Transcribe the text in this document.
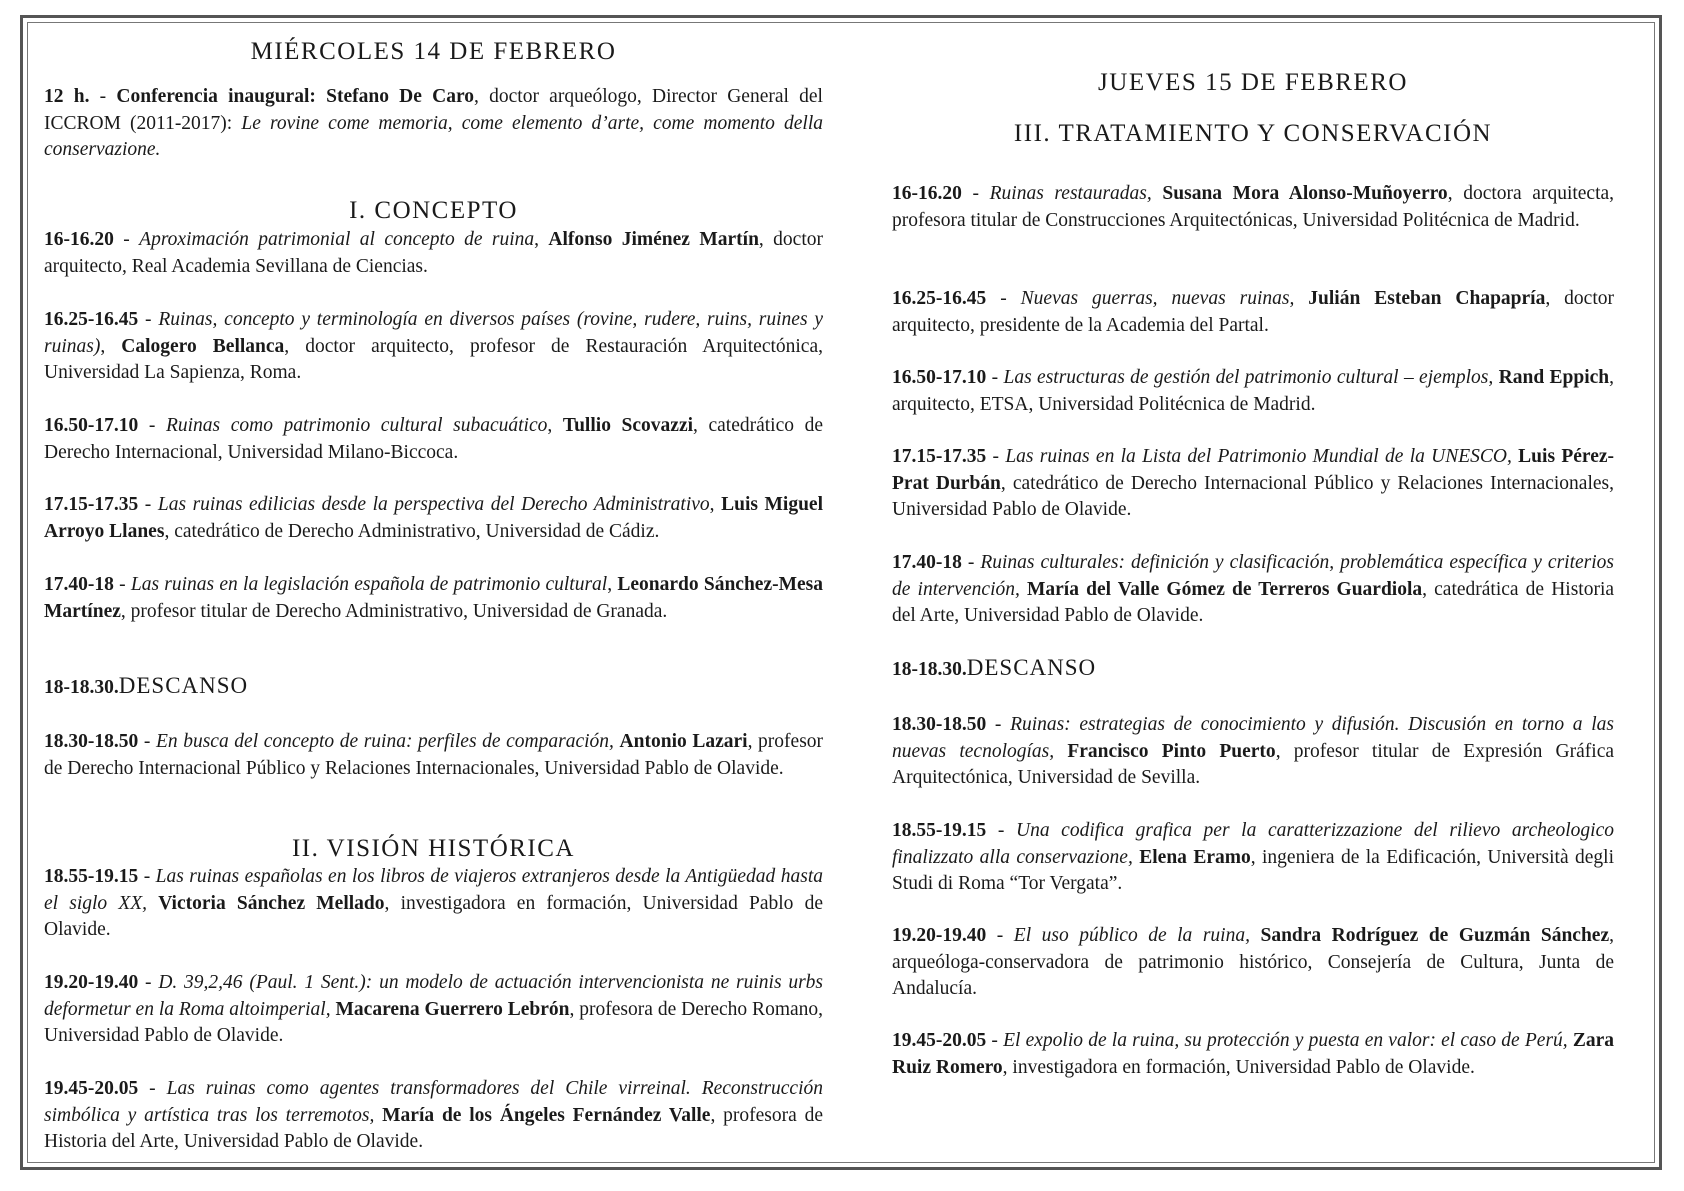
MIÉRCOLES 14 DE FEBRERO

12 h. - Conferencia inaugural: Stefano De Caro, doctor arqueólogo, Director General del ICCROM (2011-2017): Le rovine come memoria, come elemento d’arte, come momento della conservazione.

I. CONCEPTO

16-16.20 - Aproximación patrimonial al concepto de ruina, Alfonso Jiménez Martín, doctor arquitecto, Real Academia Sevillana de Ciencias.

16.25-16.45 - Ruinas, concepto y terminología en diversos países (rovine, rudere, ruins, ruines y ruinas), Calogero Bellanca, doctor arquitecto, profesor de Restauración Arquitectónica, Universidad La Sapienza, Roma.

16.50-17.10 - Ruinas como patrimonio cultural subacuático, Tullio Scovazzi, catedrático de Derecho Internacional, Universidad Milano-Biccoca.

17.15-17.35 - Las ruinas edilicias desde la perspectiva del Derecho Administrativo, Luis Miguel Arroyo Llanes, catedrático de Derecho Administrativo, Universidad de Cádiz.

17.40-18 - Las ruinas en la legislación española de patrimonio cultural, Leonardo Sánchez-Mesa Martínez, profesor titular de Derecho Administrativo, Universidad de Granada.

18-18.30.DESCANSO

18.30-18.50 - En busca del concepto de ruina: perfiles de comparación, Antonio Lazari, profesor de Derecho Internacional Público y Relaciones Internacionales, Universidad Pablo de Olavide.

II. VISIÓN HISTÓRICA

18.55-19.15 - Las ruinas españolas en los libros de viajeros extranjeros desde la Antigüedad hasta el siglo XX, Victoria Sánchez Mellado, investigadora en formación, Universidad Pablo de Olavide.

19.20-19.40 - D. 39,2,46 (Paul. 1 Sent.): un modelo de actuación intervencionista ne ruinis urbs deformetur en la Roma altoimperial, Macarena Guerrero Lebrón, profesora de Derecho Romano, Universidad Pablo de Olavide.

19.45-20.05 - Las ruinas como agentes transformadores del Chile virreinal. Reconstrucción simbólica y artística tras los terremotos, María de los Ángeles Fernández Valle, profesora de Historia del Arte, Universidad Pablo de Olavide.

JUEVES 15 DE FEBRERO
III. TRATAMIENTO Y CONSERVACIÓN

16-16.20 - Ruinas restauradas, Susana Mora Alonso-Muñoyerro, doctora arquitecta, profesora titular de Construcciones Arquitectónicas, Universidad Politécnica de Madrid.

16.25-16.45 - Nuevas guerras, nuevas ruinas, Julián Esteban Chapapría, doctor arquitecto, presidente de la Academia del Partal.

16.50-17.10 - Las estructuras de gestión del patrimonio cultural – ejemplos, Rand Eppich, arquitecto, ETSA, Universidad Politécnica de Madrid.

17.15-17.35 - Las ruinas en la Lista del Patrimonio Mundial de la UNESCO, Luis Pérez-Prat Durbán, catedrático de Derecho Internacional Público y Relaciones Internacionales, Universidad Pablo de Olavide.

17.40-18 - Ruinas culturales: definición y clasificación, problemática específica y criterios de intervención, María del Valle Gómez de Terreros Guardiola, catedrática de Historia del Arte, Universidad Pablo de Olavide.

18-18.30.DESCANSO

18.30-18.50 - Ruinas: estrategias de conocimiento y difusión. Discusión en torno a las nuevas tecnologías, Francisco Pinto Puerto, profesor titular de Expresión Gráfica Arquitectónica, Universidad de Sevilla.

18.55-19.15 - Una codifica grafica per la caratterizzazione del rilievo archeologico finalizzato alla conservazione, Elena Eramo, ingeniera de la Edificación, Università degli Studi di Roma “Tor Vergata”.

19.20-19.40 - El uso público de la ruina, Sandra Rodríguez de Guzmán Sánchez, arqueóloga-conservadora de patrimonio histórico, Consejería de Cultura, Junta de Andalucía.

19.45-20.05 - El expolio de la ruina, su protección y puesta en valor: el caso de Perú, Zara Ruiz Romero, investigadora en formación, Universidad Pablo de Olavide.
